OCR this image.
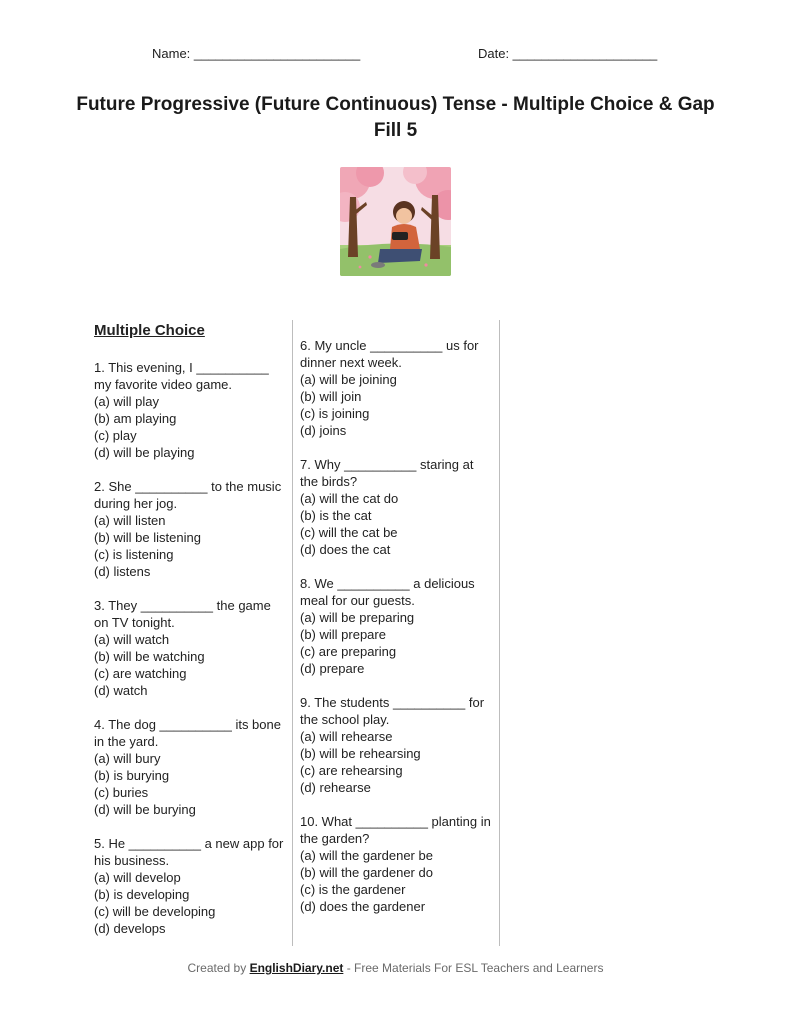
Name: _______________________	Date: ____________________
Future Progressive (Future Continuous) Tense - Multiple Choice & Gap Fill 5
Multiple Choice

1. This evening, I __________ my favorite video game.

(a) will play

(b) am playing

(c) play

(d) will be playing

2. She __________ to the music during her jog.

(a) will listen

(b) will be listening

(c) is listening

(d) listens

3. They __________ the game on TV tonight.

(a) will watch

(b) will be watching

(c) are watching

(d) watch

4. The dog __________ its bone in the yard.

(a) will bury

(b) is burying

(c) buries

(d) will be burying

5. He __________ a new app for his business.

(a) will develop

(b) is developing

(c) will be developing

(d) develops

6. My uncle __________ us for dinner next week.

(a) will be joining

(b) will join

(c) is joining

(d) joins

7. Why __________ staring at the birds?

(a) will the cat do

(b) is the cat

(c) will the cat be

(d) does the cat

8. We __________ a delicious meal for our guests.

(a) will be preparing

(b) will prepare

(c) are preparing

(d) prepare

9. The students __________ for the school play.

(a) will rehearse

(b) will be rehearsing

(c) are rehearsing

(d) rehearse

10. What __________ planting in the garden?

(a) will the gardener be

(b) will the gardener do

(c) is the gardener

(d) does the gardener

Created by EnglishDiary.net - Free Materials For ESL Teachers and Learners
